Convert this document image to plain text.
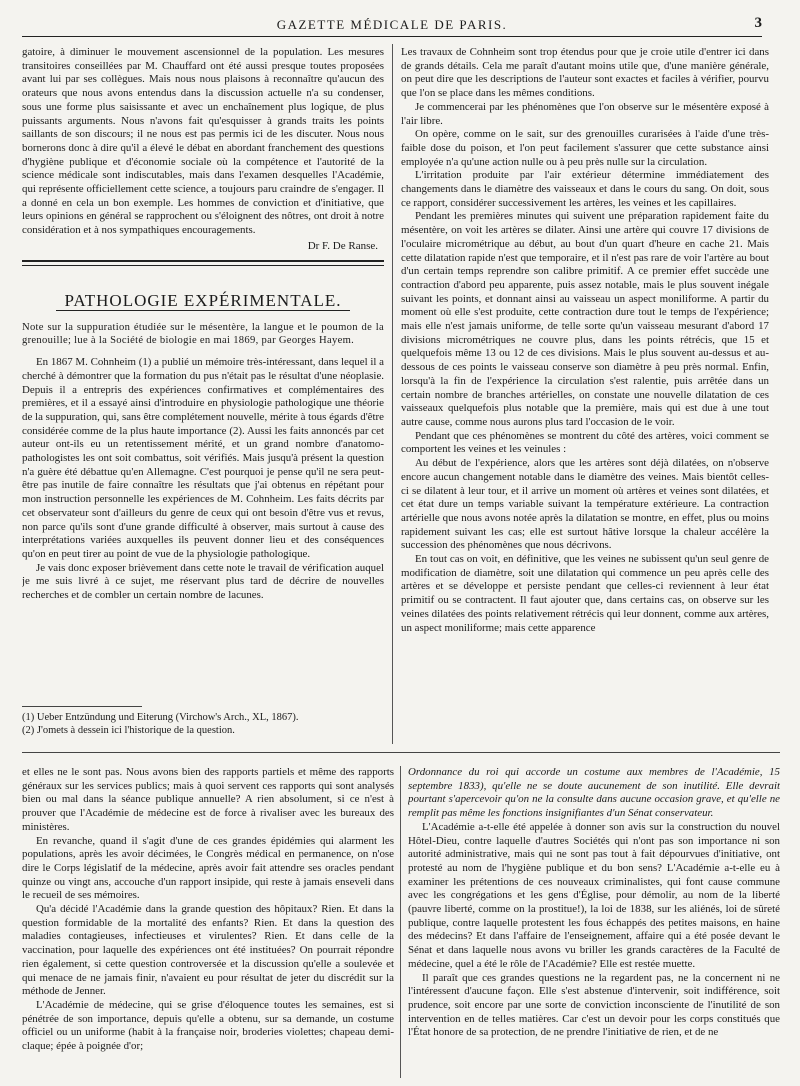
GAZETTE MÉDICALE DE PARIS.	3

gatoire, à diminuer le mouvement ascensionnel de la population. Les mesures transitoires conseillées par M. Chauffard ont été aussi presque toutes proposées avant lui par ses collègues. Mais nous nous plaisons à reconnaître qu'aucun des orateurs que nous avons entendus dans la discussion actuelle n'a su condenser, sous une forme plus saisissante et avec un enchaînement plus logique, de plus puissants arguments. Nous n'avons fait qu'esquisser à grands traits les points saillants de son discours; il ne nous est pas permis ici de les discuter. Nous nous bornerons donc à dire qu'il a élevé le débat en abordant franchement des questions d'hygiène publique et d'économie sociale où la compétence et l'autorité de la science médicale sont indiscutables, mais dans l'examen desquelles l'Académie, qui représente officiellement cette science, a toujours paru craindre de s'engager. Il a donné en cela un bon exemple. Les hommes de conviction et d'initiative, que leurs opinions en général se rapprochent ou s'éloignent des nôtres, ont droit à notre considération et à nos sympathiques encouragements.

Dr F. De Ranse.
PATHOLOGIE EXPÉRIMENTALE.

Note sur la suppuration étudiée sur le mésentère, la langue et le poumon de la grenouille; lue à la Société de biologie en mai 1869, par Georges Hayem.

En 1867 M. Cohnheim (1) a publié un mémoire très-intéressant, dans lequel il a cherché à démontrer que la formation du pus n'était pas le résultat d'une néoplasie. Depuis il a entrepris des expériences confirmatives et complémentaires des premières, et il a essayé ainsi d'introduire en physiologie pathologique une théorie de la suppuration, qui, sans être complétement nouvelle, mérite à tous égards d'être considérée comme de la plus haute importance (2). Aussi les faits annoncés par cet auteur ont-ils eu un retentissement mérité, et un grand nombre d'anatomo-pathologistes les ont soit combattus, soit vérifiés. Mais jusqu'à présent la question n'a guère été débattue qu'en Allemagne. C'est pourquoi je pense qu'il ne sera peut-être pas inutile de faire connaître les résultats que j'ai obtenus en répétant pour mon instruction personnelle les expériences de M. Cohnheim. Les faits décrits par cet observateur sont d'ailleurs du genre de ceux qui ont besoin d'être vus et revus, non parce qu'ils sont d'une grande difficulté à observer, mais surtout à cause des interprétations variées auxquelles ils peuvent donner lieu et des conséquences qu'on en peut tirer au point de vue de la physiologie pathologique.

Je vais donc exposer brièvement dans cette note le travail de vérification auquel je me suis livré à ce sujet, me réservant plus tard de décrire de nouvelles recherches et de combler un certain nombre de lacunes.

(1) Ueber Entzündung und Eiterung (Virchow's Arch., XL, 1867).

(2) J'omets à dessein ici l'historique de la question.

Les travaux de Cohnheim sont trop étendus pour que je croie utile d'entrer ici dans de grands détails. Cela me paraît d'autant moins utile que, d'une manière générale, on peut dire que les descriptions de l'auteur sont exactes et faciles à vérifier, pourvu que l'on se place dans les mêmes conditions.

Je commencerai par les phénomènes que l'on observe sur le mésentère exposé à l'air libre.

On opère, comme on le sait, sur des grenouilles curarisées à l'aide d'une très-faible dose du poison, et l'on peut facilement s'assurer que cette substance ainsi employée n'a qu'une action nulle ou à peu près nulle sur la circulation.

L'irritation produite par l'air extérieur détermine immédiatement des changements dans le diamètre des vaisseaux et dans le cours du sang. On doit, sous ce rapport, considérer successivement les artères, les veines et les capillaires.

Pendant les premières minutes qui suivent une préparation rapidement faite du mésentère, on voit les artères se dilater. Ainsi une artère qui couvre 17 divisions de l'oculaire micrométrique au début, au bout d'un quart d'heure en cache 21. Mais cette dilatation rapide n'est que temporaire, et il n'est pas rare de voir l'artère au bout d'un certain temps reprendre son calibre primitif. A ce premier effet succède une contraction d'abord peu apparente, puis assez notable, mais le plus souvent inégale suivant les points, et donnant ainsi au vaisseau un aspect moniliforme. A partir du moment où elle s'est produite, cette contraction dure tout le temps de l'expérience; mais elle n'est jamais uniforme, de telle sorte qu'un vaisseau mesurant d'abord 17 divisions micrométriques ne couvre plus, dans les points rétrécis, que 15 et quelquefois même 13 ou 12 de ces divisions. Mais le plus souvent au-dessus et au-dessous de ces points le vaisseau conserve son diamètre à peu près normal. Enfin, lorsqu'à la fin de l'expérience la circulation s'est ralentie, puis arrêtée dans un certain nombre de branches artérielles, on constate une nouvelle dilatation de ces vaisseaux quelquefois plus notable que la première, mais qui est due à une tout autre cause, comme nous aurons plus tard l'occasion de le voir.

Pendant que ces phénomènes se montrent du côté des artères, voici comment se comportent les veines et les veinules :

Au début de l'expérience, alors que les artères sont déjà dilatées, on n'observe encore aucun changement notable dans le diamètre des veines. Mais bientôt celles-ci se dilatent à leur tour, et il arrive un moment où artères et veines sont dilatées, et cet état dure un temps variable suivant la température extérieure. La contraction artérielle que nous avons notée après la dilatation se montre, en effet, plus ou moins rapidement suivant les cas; elle est surtout hâtive lorsque la chaleur accélère la succession des phénomènes que nous décrivons.

En tout cas on voit, en définitive, que les veines ne subissent qu'un seul genre de modification de diamètre, soit une dilatation qui commence un peu après celle des artères et se développe et persiste pendant que celles-ci reviennent à leur état primitif ou se contractent. Il faut ajouter que, dans certains cas, on observe sur les veines dilatées des points relativement rétrécis qui leur donnent, comme aux artères, un aspect moniliforme; mais cette apparence

et elles ne le sont pas. Nous avons bien des rapports partiels et même des rapports généraux sur les services publics; mais à quoi servent ces rapports qui sont analysés bien ou mal dans la séance publique annuelle? A rien absolument, si ce n'est à prouver que l'Académie de médecine est de force à rivaliser avec les bureaux des ministères.

En revanche, quand il s'agit d'une de ces grandes épidémies qui alarment les populations, après les avoir décimées, le Congrès médical en permanence, on n'ose dire le Corps législatif de la médecine, après avoir fait attendre ses oracles pendant quinze ou vingt ans, accouche d'un rapport insipide, qui reste à jamais enseveli dans le recueil de ses mémoires.

Qu'a décidé l'Académie dans la grande question des hôpitaux? Rien. Et dans la question formidable de la mortalité des enfants? Rien. Et dans la question des maladies contagieuses, infectieuses et virulentes? Rien. Et dans celle de la vaccination, pour laquelle des expériences ont été instituées? On pourrait répondre rien également, si cette question controversée et la discussion qu'elle a soulevée et qui menace de ne jamais finir, n'avaient eu pour résultat de jeter du discrédit sur la méthode de Jenner.

L'Académie de médecine, qui se grise d'éloquence toutes les semaines, est si pénétrée de son importance, depuis qu'elle a obtenu, sur sa demande, un costume officiel ou un uniforme (habit à la française noir, broderies violettes; chapeau demi-claque; épée à poignée d'or;

Ordonnance du roi qui accorde un costume aux membres de l'Académie, 15 septembre 1833), qu'elle ne se doute aucunement de son inutilité. Elle devrait pourtant s'apercevoir qu'on ne la consulte dans aucune occasion grave, et qu'elle ne remplit pas même les fonctions insignifiantes d'un Sénat conservateur.

L'Académie a-t-elle été appelée à donner son avis sur la construction du nouvel Hôtel-Dieu, contre laquelle d'autres Sociétés qui n'ont pas son importance ni son autorité administrative, mais qui ne sont pas tout à fait dépourvues d'initiative, ont protesté au nom de l'hygiène publique et du bon sens? L'Académie a-t-elle eu à examiner les prétentions de ces nouveaux criminalistes, qui font cause commune avec les congrégations et les gens d'Église, pour démolir, au nom de la liberté (pauvre liberté, comme on la prostitue!), la loi de 1838, sur les aliénés, loi de sûreté publique, contre laquelle protestent les fous échappés des petites maisons, en haine des médecins? Et dans l'affaire de l'enseignement, affaire qui a été posée devant le Sénat et dans laquelle nous avons vu briller les grands caractères de la Faculté de médecine, quel a été le rôle de l'Académie? Elle est restée muette.

Il paraît que ces grandes questions ne la regardent pas, ne la concernent ni ne l'intéressent d'aucune façon. Elle s'est abstenue d'intervenir, soit indifférence, soit prudence, soit encore par une sorte de conviction inconsciente de l'inutilité de son intervention en de telles matières. Car c'est un devoir pour les corps constitués que l'État honore de sa protection, de ne prendre l'initiative de rien, et de ne
